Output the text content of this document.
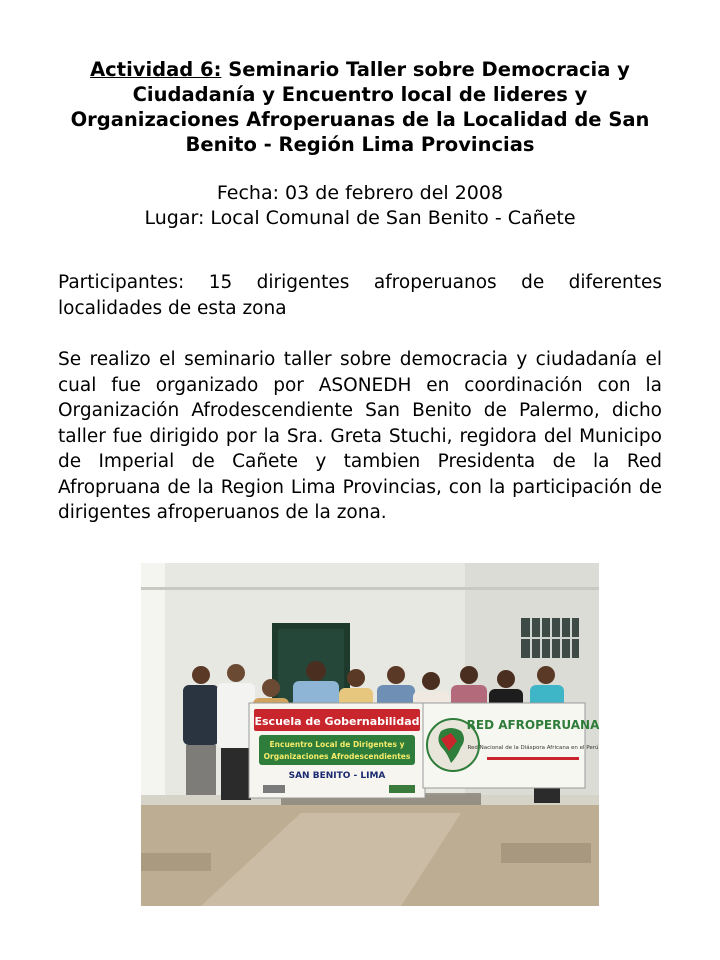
Actividad 6: Seminario Taller sobre Democracia y Ciudadanía y Encuentro local de lideres y Organizaciones Afroperuanas de la Localidad de San Benito - Región Lima Provincias
Fecha: 03 de febrero del 2008
Lugar: Local Comunal de San Benito - Cañete
Participantes: 15 dirigentes afroperuanos de diferentes localidades de esta zona
Se realizo el seminario taller sobre democracia y ciudadanía el cual fue organizado por ASONEDH en coordinación con la Organización Afrodescendiente San Benito de Palermo, dicho taller fue dirigido por la Sra. Greta Stuchi, regidora del Municipo de Imperial de Cañete y tambien Presidenta de la Red Afropruana de la Region Lima Provincias, con la participación de dirigentes afroperuanos de la zona.
Escuela de Gobernabilidad
Encuentro Local de Dirigentes y
Organizaciones Afrodescendientes
SAN BENITO - LIMA
RED AFROPERUANA
Red Nacional de la Diáspora Africana en el Perú
